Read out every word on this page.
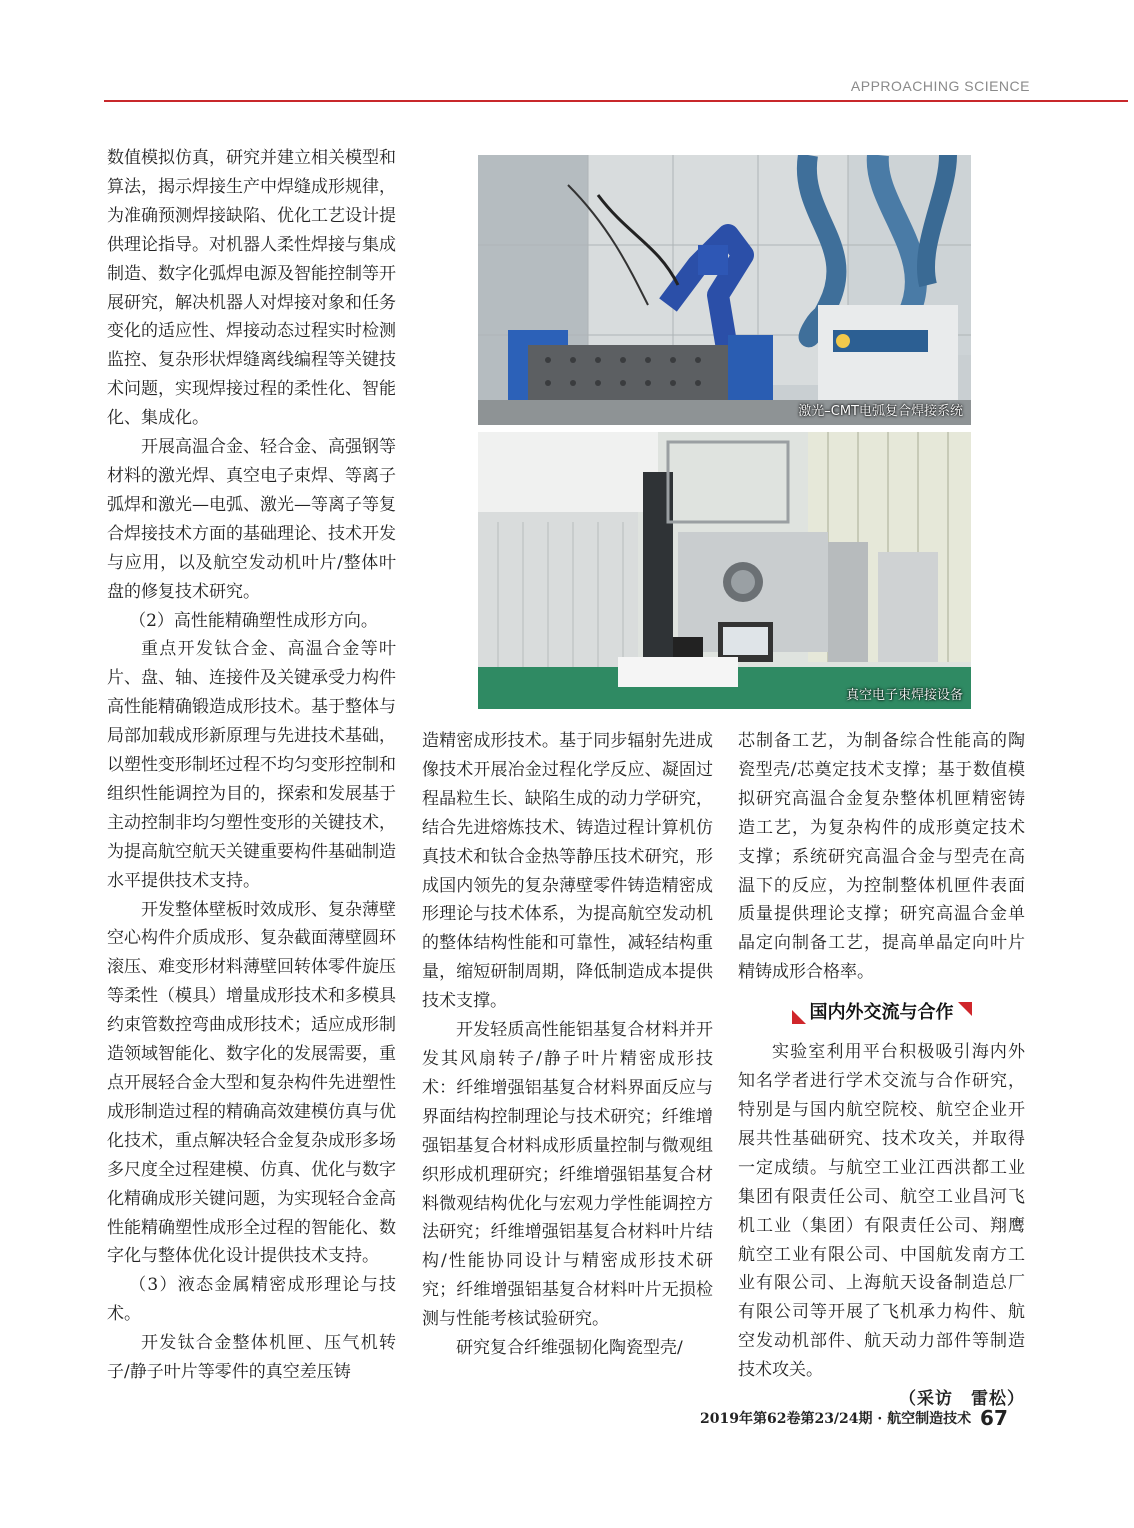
APPROACHING SCIENCE

数值模拟仿真，研究并建立相关模型和算法，揭示焊接生产中焊缝成形规律，为准确预测焊接缺陷、优化工艺设计提供理论指导。对机器人柔性焊接与集成制造、数字化弧焊电源及智能控制等开展研究，解决机器人对焊接对象和任务变化的适应性、焊接动态过程实时检测监控、复杂形状焊缝离线编程等关键技术问题，实现焊接过程的柔性化、智能化、集成化。

开展高温合金、轻合金、高强钢等材料的激光焊、真空电子束焊、等离子弧焊和激光—电弧、激光—等离子等复合焊接技术方面的基础理论、技术开发与应用，以及航空发动机叶片/整体叶盘的修复技术研究。

（2）高性能精确塑性成形方向。

重点开发钛合金、高温合金等叶片、盘、轴、连接件及关键承受力构件高性能精确锻造成形技术。基于整体与局部加载成形新原理与先进技术基础，以塑性变形制坯过程不均匀变形控制和组织性能调控为目的，探索和发展基于主动控制非均匀塑性变形的关键技术，为提高航空航天关键重要构件基础制造水平提供技术支持。

开发整体壁板时效成形、复杂薄壁空心构件介质成形、复杂截面薄壁圆环滚压、难变形材料薄壁回转体零件旋压等柔性（模具）增量成形技术和多模具约束管数控弯曲成形技术；适应成形制造领域智能化、数字化的发展需要，重点开展轻合金大型和复杂构件先进塑性成形制造过程的精确高效建模仿真与优化技术，重点解决轻合金复杂成形多场多尺度全过程建模、仿真、优化与数字化精确成形关键问题，为实现轻合金高性能精确塑性成形全过程的智能化、数字化与整体优化设计提供技术支持。

（3）液态金属精密成形理论与技术。

开发钛合金整体机匣、压气机转子/静子叶片等零件的真空差压铸

激光–CMT电弧复合焊接系统
真空电子束焊接设备

造精密成形技术。基于同步辐射先进成像技术开展冶金过程化学反应、凝固过程晶粒生长、缺陷生成的动力学研究，结合先进熔炼技术、铸造过程计算机仿真技术和钛合金热等静压技术研究，形成国内领先的复杂薄壁零件铸造精密成形理论与技术体系，为提高航空发动机的整体结构性能和可靠性，减轻结构重量，缩短研制周期，降低制造成本提供技术支撑。

开发轻质高性能铝基复合材料并开发其风扇转子/静子叶片精密成形技术：纤维增强铝基复合材料界面反应与界面结构控制理论与技术研究；纤维增强铝基复合材料成形质量控制与微观组织形成机理研究；纤维增强铝基复合材料微观结构优化与宏观力学性能调控方法研究；纤维增强铝基复合材料叶片结构/性能协同设计与精密成形技术研究；纤维增强铝基复合材料叶片无损检测与性能考核试验研究。

研究复合纤维强韧化陶瓷型壳/

芯制备工艺，为制备综合性能高的陶瓷型壳/芯奠定技术支撑；基于数值模拟研究高温合金复杂整体机匣精密铸造工艺，为复杂构件的成形奠定技术支撑；系统研究高温合金与型壳在高温下的反应，为控制整体机匣件表面质量提供理论支撑；研究高温合金单晶定向制备工艺，提高单晶定向叶片精铸成形合格率。

国内外交流与合作

实验室利用平台积极吸引海内外知名学者进行学术交流与合作研究，特别是与国内航空院校、航空企业开展共性基础研究、技术攻关，并取得一定成绩。与航空工业江西洪都工业集团有限责任公司、航空工业昌河飞机工业（集团）有限责任公司、翔鹰航空工业有限公司、中国航发南方工业有限公司、上海航天设备制造总厂有限公司等开展了飞机承力构件、航空发动机部件、航天动力部件等制造技术攻关。

（采访　雷松）

2019年第62卷第23/24期 · 航空制造技术 67
